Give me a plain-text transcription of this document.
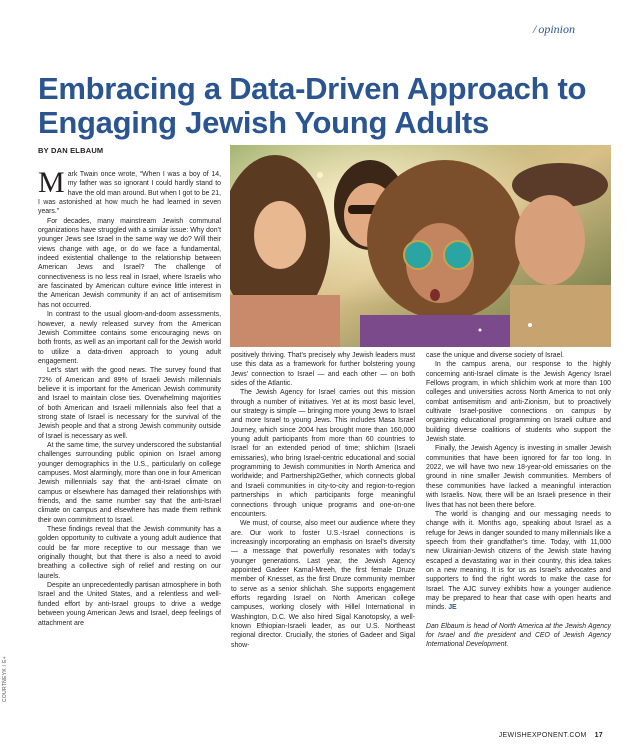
/ opinion
Embracing a Data-Driven Approach to Engaging Jewish Young Adults
BY DAN ELBAUM

Mark Twain once wrote, “When I was a boy of 14, my father was so ignorant I could hardly stand to have the old man around. But when I got to be 21, I was astonished at how much he had learned in seven years.”

For decades, many mainstream Jewish communal organizations have struggled with a similar issue: Why don’t younger Jews see Israel in the same way we do? Will their views change with age, or do we face a fundamental, indeed existential challenge to the relationship between American Jews and Israel? The challenge of connectiveness is no less real in Israel, where Israelis who are fascinated by American culture evince little interest in the American Jewish community if an act of antisemitism has not occurred.

In contrast to the usual gloom-and-doom assessments, however, a newly released survey from the American Jewish Committee contains some encouraging news on both fronts, as well as an important call for the Jewish world to utilize a data-driven approach to young adult engagement.

Let’s start with the good news. The survey found that 72% of American and 89% of Israeli Jewish millennials believe it is important for the American Jewish community and Israel to maintain close ties. Overwhelming majorities of both American and Israeli millennials also feel that a strong state of Israel is necessary for the survival of the Jewish people and that a strong Jewish community outside of Israel is necessary as well.

At the same time, the survey underscored the substantial challenges surrounding public opinion on Israel among younger demographics in the U.S., particularly on college campuses. Most alarmingly, more than one in four American Jewish millennials say that the anti-Israel climate on campus or elsewhere has damaged their relationships with friends, and the same number say that the anti-Israel climate on campus and elsewhere has made them rethink their own commitment to Israel.

These findings reveal that the Jewish community has a golden opportunity to cultivate a young adult audience that could be far more receptive to our message than we originally thought, but that there is also a need to avoid breathing a collective sigh of relief and resting on our laurels.

Despite an unprecedentedly partisan atmosphere in both Israel and the United States, and a relentless and well-funded effort by anti-Israel groups to drive a wedge between young American Jews and Israel, deep feelings of attachment are

positively thriving. That’s precisely why Jewish leaders must use this data as a framework for further bolstering young Jews’ connection to Israel — and each other — on both sides of the Atlantic.

The Jewish Agency for Israel carries out this mission through a number of initiatives. Yet at its most basic level, our strategy is simple — bringing more young Jews to Israel and more Israel to young Jews. This includes Masa Israel Journey, which since 2004 has brought more than 160,000 young adult participants from more than 60 countries to Israel for an extended period of time; shlichim (Israeli emissaries), who bring Israel-centric educational and social programming to Jewish communities in North America and worldwide; and Partnership2Gether, which connects global and Israeli communities in city-to-city and region-to-region partnerships in which participants forge meaningful connections through unique programs and one-on-one encounters.

We must, of course, also meet our audience where they are. Our work to foster U.S.-Israel connections is increasingly incorporating an emphasis on Israel’s diversity — a message that powerfully resonates with today’s younger generations. Last year, the Jewish Agency appointed Gadeer Kamal-Mreeh, the first female Druze member of Knesset, as the first Druze community member to serve as a senior shlichah. She supports engagement efforts regarding Israel on North American college campuses, working closely with Hillel International in Washington, D.C. We also hired Sigal Kanotopsky, a well-known Ethiopian-Israeli leader, as our U.S. Northeast regional director. Crucially, the stories of Gadeer and Sigal show-

case the unique and diverse society of Israel.

In the campus arena, our response to the highly concerning anti-Israel climate is the Jewish Agency Israel Fellows program, in which shlichim work at more than 100 colleges and universities across North America to not only combat antisemitism and anti-Zionism, but to proactively cultivate Israel-positive connections on campus by organizing educational programming on Israeli culture and building diverse coalitions of students who support the Jewish state.

Finally, the Jewish Agency is investing in smaller Jewish communities that have been ignored for far too long. In 2022, we will have two new 18-year-old emissaries on the ground in nine smaller Jewish communities. Members of these communities have lacked a meaningful interaction with Israelis. Now, there will be an Israeli presence in their lives that has not been there before.

The world is changing and our messaging needs to change with it. Months ago, speaking about Israel as a refuge for Jews in danger sounded to many millennials like a speech from their grandfather’s time. Today, with 11,000 new Ukrainian-Jewish citizens of the Jewish state having escaped a devastating war in their country, this idea takes on a new meaning. It is for us as Israel’s advocates and supporters to find the right words to make the case for Israel. The AJC survey exhibits how a younger audience may be prepared to hear that case with open hearts and minds. JE

Dan Elbaum is head of North America at the Jewish Agency for Israel and the president and CEO of Jewish Agency International Development.

COURTNEYK / E+
JEWISHEXPONENT.COM 17
